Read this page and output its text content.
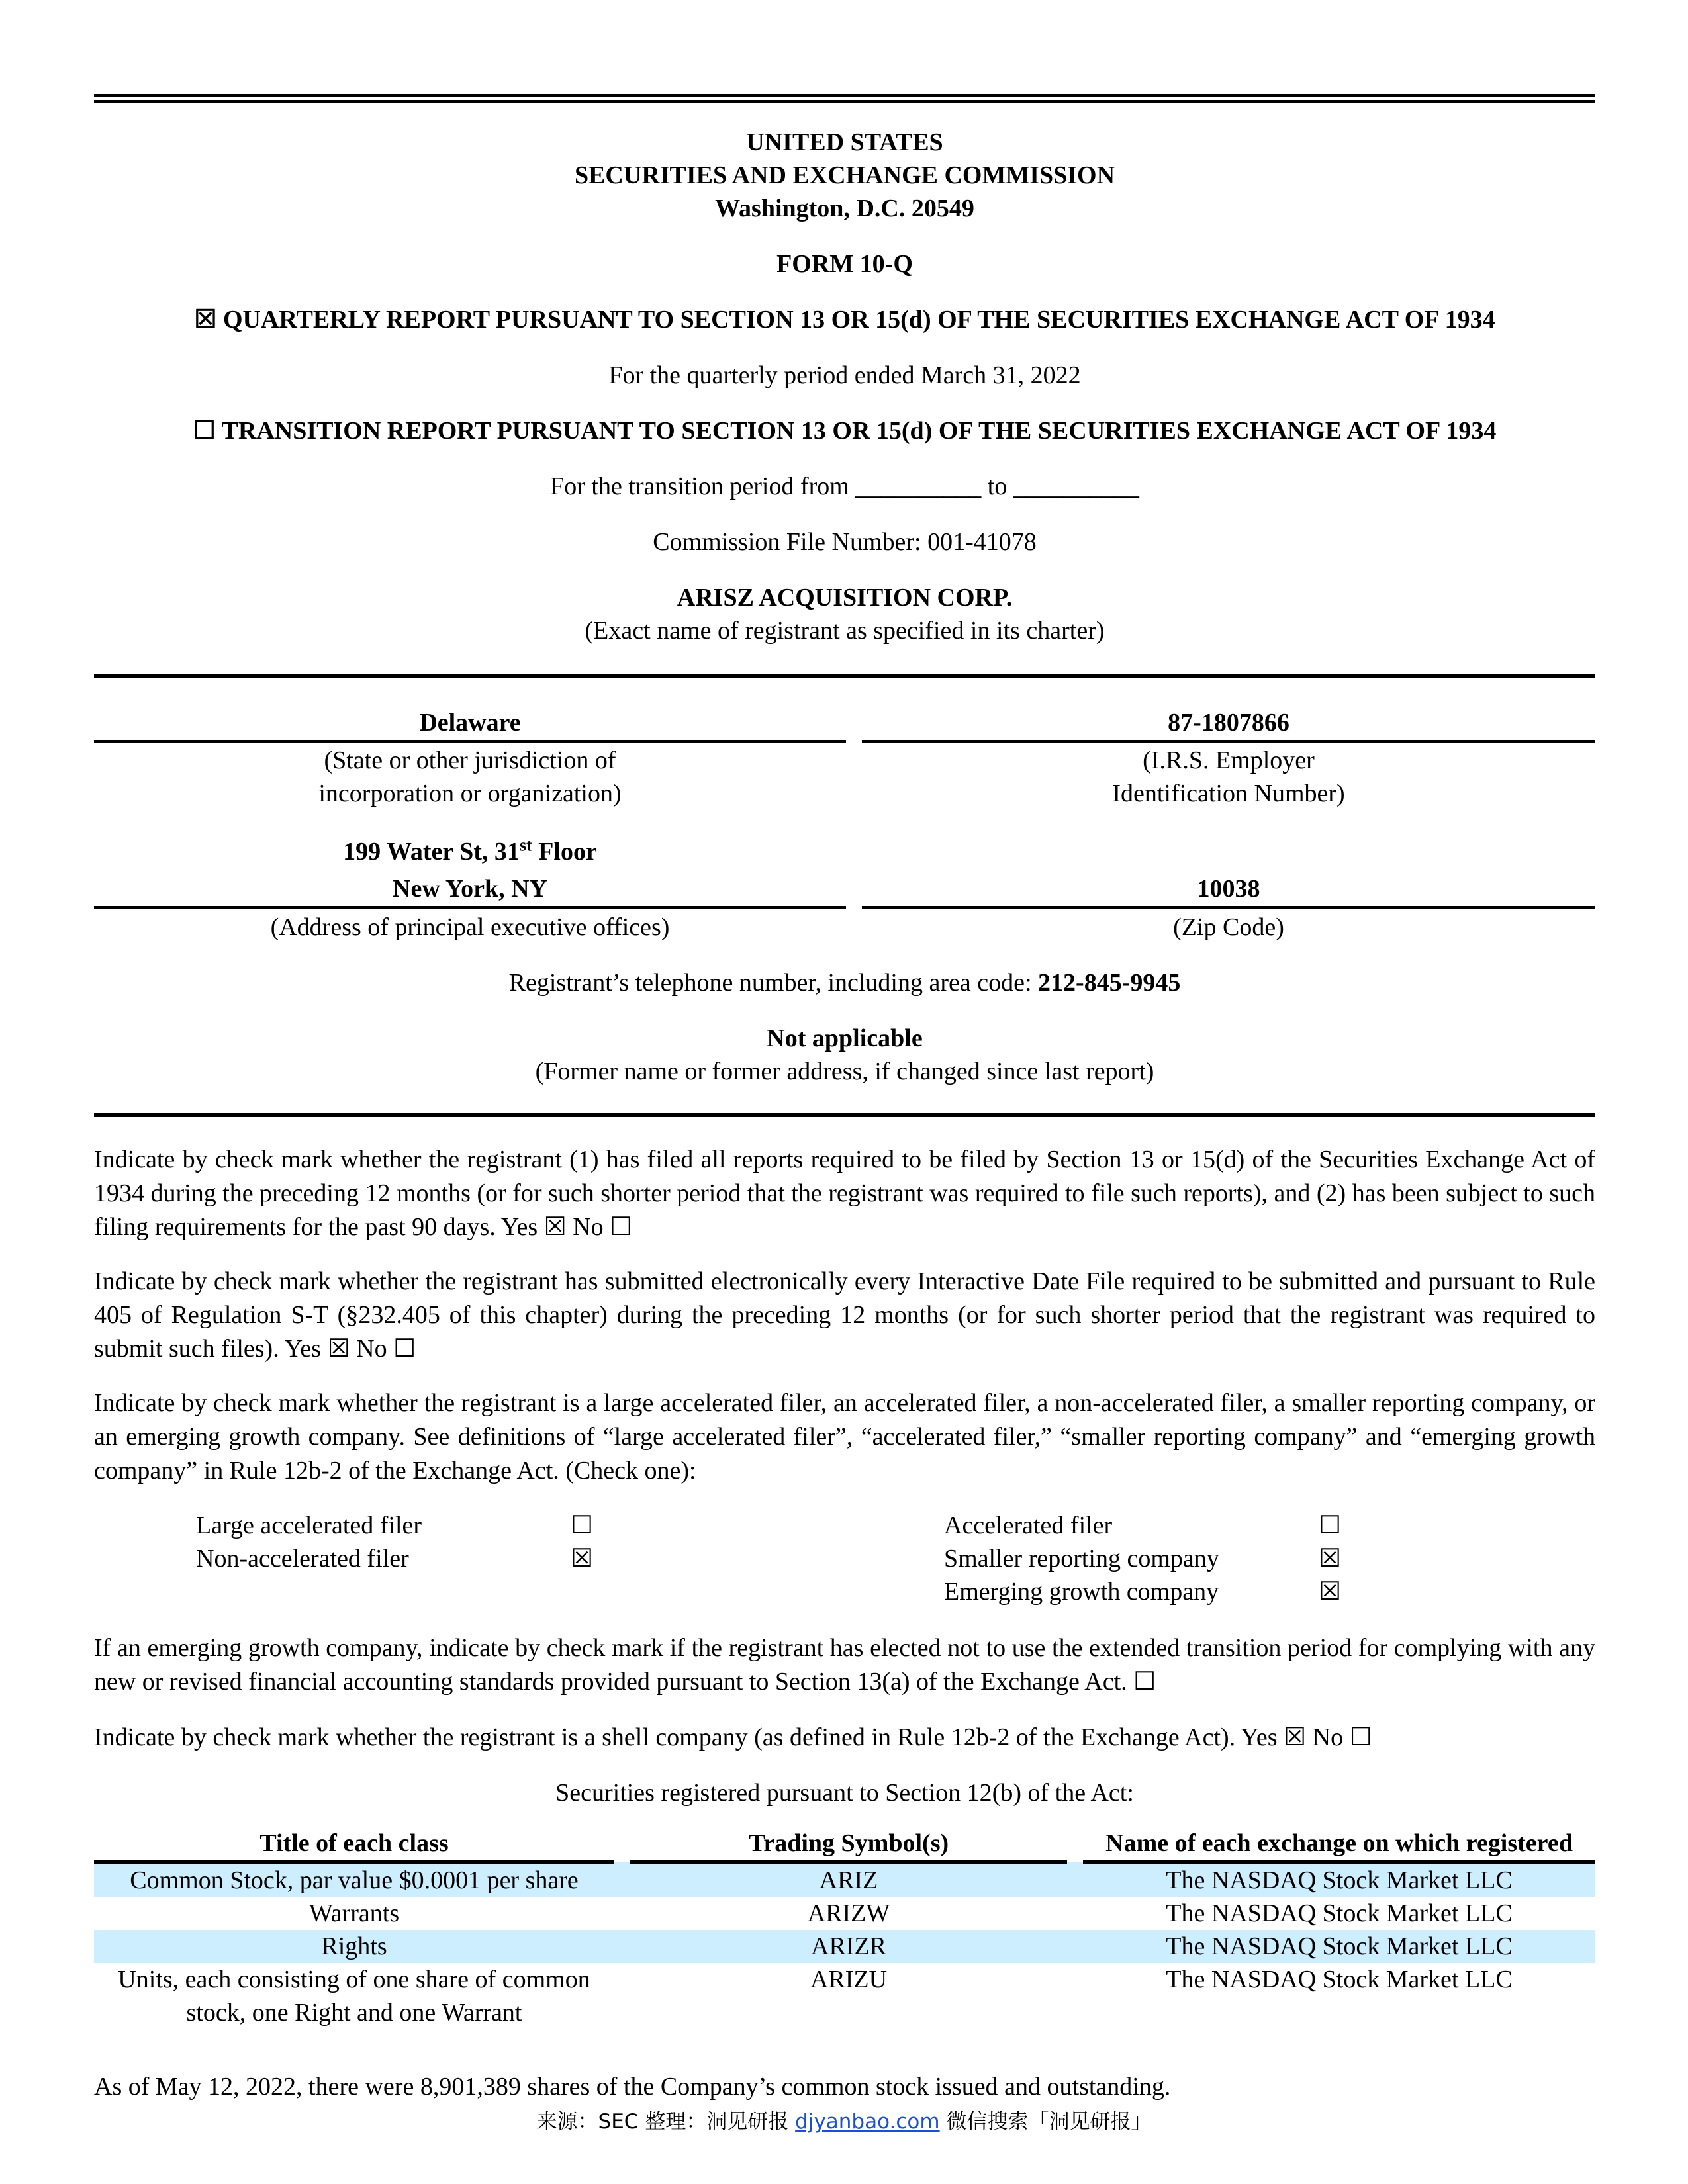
UNITED STATES
SECURITIES AND EXCHANGE COMMISSION
Washington, D.C. 20549
FORM 10-Q
☒ QUARTERLY REPORT PURSUANT TO SECTION 13 OR 15(d) OF THE SECURITIES EXCHANGE ACT OF 1934
For the quarterly period ended March 31, 2022
☐ TRANSITION REPORT PURSUANT TO SECTION 13 OR 15(d) OF THE SECURITIES EXCHANGE ACT OF 1934
For the transition period from __________ to __________
Commission File Number: 001-41078
ARISZ ACQUISITION CORP.
(Exact name of registrant as specified in its charter)
Delaware	87-1807866
(State or other jurisdiction of
incorporation or organization)
(I.R.S. Employer
Identification Number)
199 Water St, 31st Floor
New York, NY	10038
(Address of principal executive offices)	(Zip Code)
Registrant’s telephone number, including area code: 212-845-9945
Not applicable
(Former name or former address, if changed since last report)
Indicate by check mark whether the registrant (1) has filed all reports required to be filed by Section 13 or 15(d) of the Securities Exchange Act of 1934 during the preceding 12 months (or for such shorter period that the registrant was required to file such reports), and (2) has been subject to such filing requirements for the past 90 days. Yes ☒ No ☐
Indicate by check mark whether the registrant has submitted electronically every Interactive Date File required to be submitted and pursuant to Rule 405 of Regulation S-T (§232.405 of this chapter) during the preceding 12 months (or for such shorter period that the registrant was required to submit such files). Yes ☒ No ☐
Indicate by check mark whether the registrant is a large accelerated filer, an accelerated filer, a non-accelerated filer, a smaller reporting company, or an emerging growth company. See definitions of “large accelerated filer”, “accelerated filer,” “smaller reporting company” and “emerging growth company” in Rule 12b-2 of the Exchange Act. (Check one):
Large accelerated filer	☐
Non-accelerated filer	☒
Accelerated filer	☐
Smaller reporting company	☒
Emerging growth company	☒
If an emerging growth company, indicate by check mark if the registrant has elected not to use the extended transition period for complying with any new or revised financial accounting standards provided pursuant to Section 13(a) of the Exchange Act. ☐
Indicate by check mark whether the registrant is a shell company (as defined in Rule 12b-2 of the Exchange Act). Yes ☒ No ☐
Securities registered pursuant to Section 12(b) of the Act:
Title of each class		Trading Symbol(s)		Name of each exchange on which registered
Common Stock, par value $0.0001 per share		ARIZ		The NASDAQ Stock Market LLC
Warrants		ARIZW		The NASDAQ Stock Market LLC
Rights		ARIZR		The NASDAQ Stock Market LLC
Units, each consisting of one share of common stock, one Right and one Warrant		ARIZU		The NASDAQ Stock Market LLC
As of May 12, 2022, there were 8,901,389 shares of the Company’s common stock issued and outstanding.
来源：SEC 整理：洞见研报 djyanbao.com 微信搜索「洞见研报」
